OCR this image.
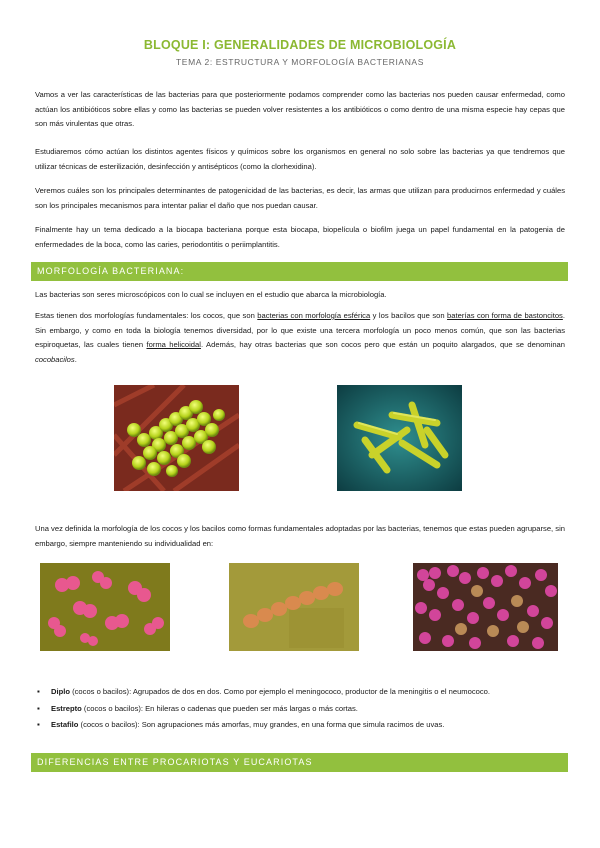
BLOQUE I: GENERALIDADES DE MICROBIOLOGÍA
TEMA 2: ESTRUCTURA Y MORFOLOGÍA BACTERIANAS

Vamos a ver las características de las bacterias para que posteriormente podamos comprender como las bacterias nos pueden causar enfermedad, como actúan los antibióticos sobre ellas y como las bacterias se pueden volver resistentes a los antibióticos o como dentro de una misma especie hay cepas que son más virulentas que otras.

Estudiaremos cómo actúan los distintos agentes físicos y químicos sobre los organismos en general no solo sobre las bacterias ya que tendremos que utilizar técnicas de esterilización, desinfección y antisépticos (como la clorhexidina).

Veremos cuáles son los principales determinantes de patogenicidad de las bacterias, es decir, las armas que utilizan para producirnos enfermedad y cuáles son los principales mecanismos para intentar paliar el daño que nos puedan causar.

Finalmente hay un tema dedicado a la biocapa bacteriana porque esta biocapa, biopelícula o biofilm juega un papel fundamental en la patogenia de enfermedades de la boca, como las caries, periodontitis o periimplantitis.

MORFOLOGÍA BACTERIANA:

Las bacterias son seres microscópicos con lo cual se incluyen en el estudio que abarca la microbiología.

Estas tienen dos morfologías fundamentales: los cocos, que son bacterias con morfología esférica y los bacilos que son baterías con forma de bastoncitos. Sin embargo, y como en toda la biología tenemos diversidad, por lo que existe una tercera morfología un poco menos común, que son las bacterias espiroquetas, las cuales tienen forma helicoidal. Además, hay otras bacterias que son cocos pero que están un poquito alargados, que se denominan cocobacilos.

Una vez definida la morfología de los cocos y los bacilos como formas fundamentales adoptadas por las bacterias, tenemos que estas pueden agruparse, sin embargo, siempre manteniendo su individualidad en:

▪ Diplo (cocos o bacilos): Agrupados de dos en dos. Como por ejemplo el meningococo, productor de la meningitis o el neumococo.
▪ Estrepto (cocos o bacilos): En hileras o cadenas que pueden ser más largas o más cortas.
▪ Estafilo (cocos o bacilos): Son agrupaciones más amorfas, muy grandes, en una forma que simula racimos de uvas.
DIFERENCIAS ENTRE PROCARIOTAS Y EUCARIOTAS
